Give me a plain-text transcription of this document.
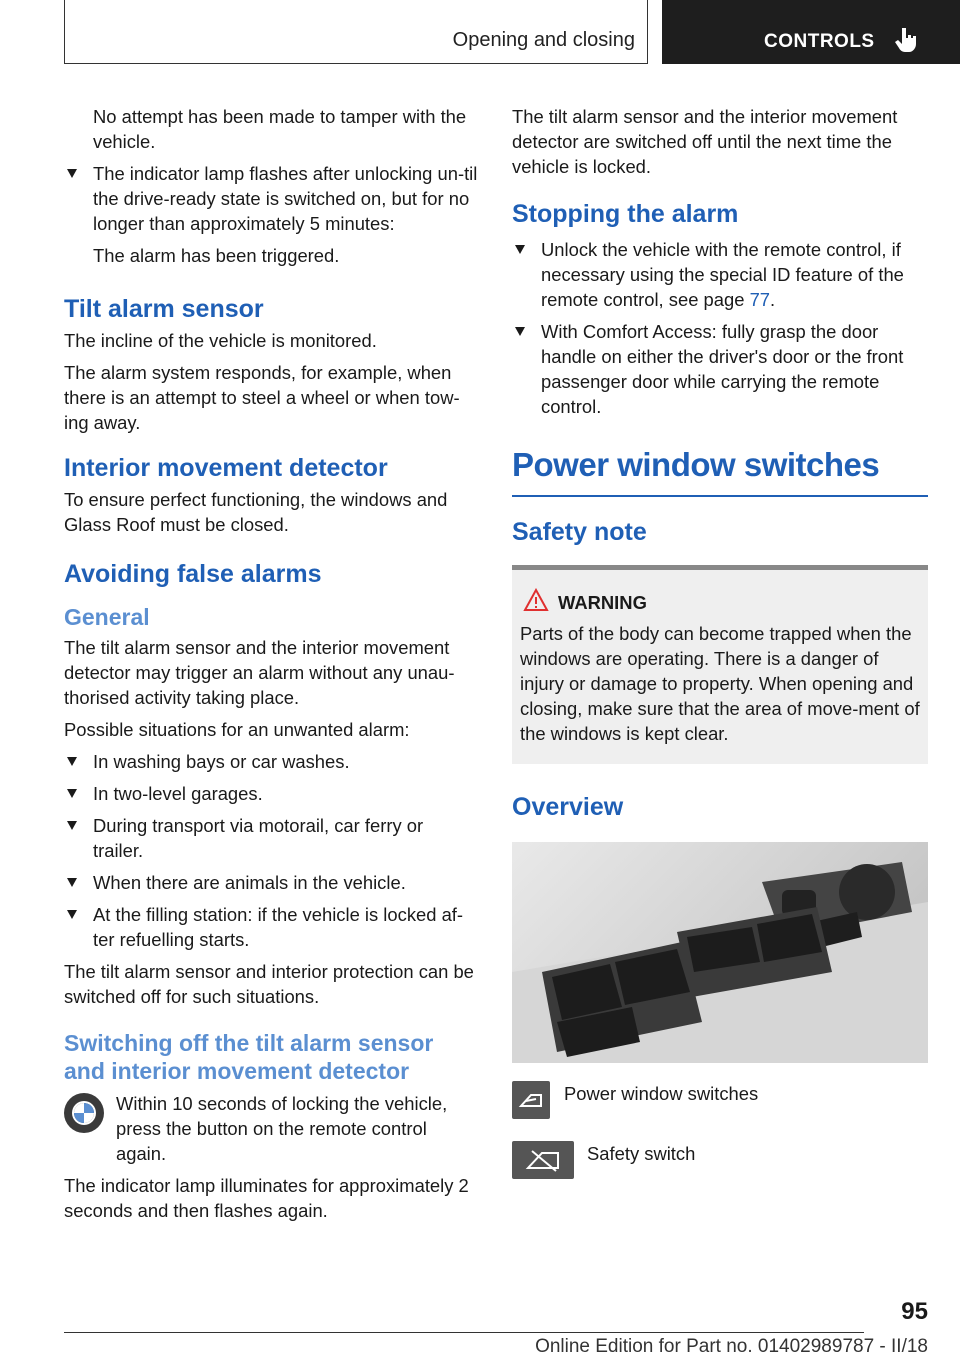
Opening and closing	CONTROLS

No attempt has been made to tamper with the vehicle.

The indicator lamp flashes after unlocking un-til the drive-ready state is switched on, but for no longer than approximately 5 minutes:

The alarm has been triggered.

Tilt alarm sensor

The incline of the vehicle is monitored.

The alarm system responds, for example, when there is an attempt to steel a wheel or when tow-ing away.

Interior movement detector

To ensure perfect functioning, the windows and Glass Roof must be closed.

Avoiding false alarms
General

The tilt alarm sensor and the interior movement detector may trigger an alarm without any unau-thorised activity taking place.

Possible situations for an unwanted alarm:

In washing bays or car washes.
In two-level garages.
During transport via motorail, car ferry or trailer.
When there are animals in the vehicle.
At the filling station: if the vehicle is locked af-ter refuelling starts.

The tilt alarm sensor and interior protection can be switched off for such situations.

Switching off the tilt alarm sensor and interior movement detector
Within 10 seconds of locking the vehicle, press the button on the remote control again.

The indicator lamp illuminates for approximately 2 seconds and then flashes again.

The tilt alarm sensor and the interior movement detector are switched off until the next time the vehicle is locked.

Stopping the alarm
Unlock the vehicle with the remote control, if necessary using the special ID feature of the remote control, see page 77.
With Comfort Access: fully grasp the door handle on either the driver's door or the front passenger door while carrying the remote control.
Power window switches
Safety note
WARNING
Parts of the body can become trapped when the windows are operating. There is a danger of injury or damage to property. When opening and closing, make sure that the area of move-ment of the windows is kept clear.
Overview
Power window switches
Safety switch
95
Online Edition for Part no. 01402989787 - II/18
